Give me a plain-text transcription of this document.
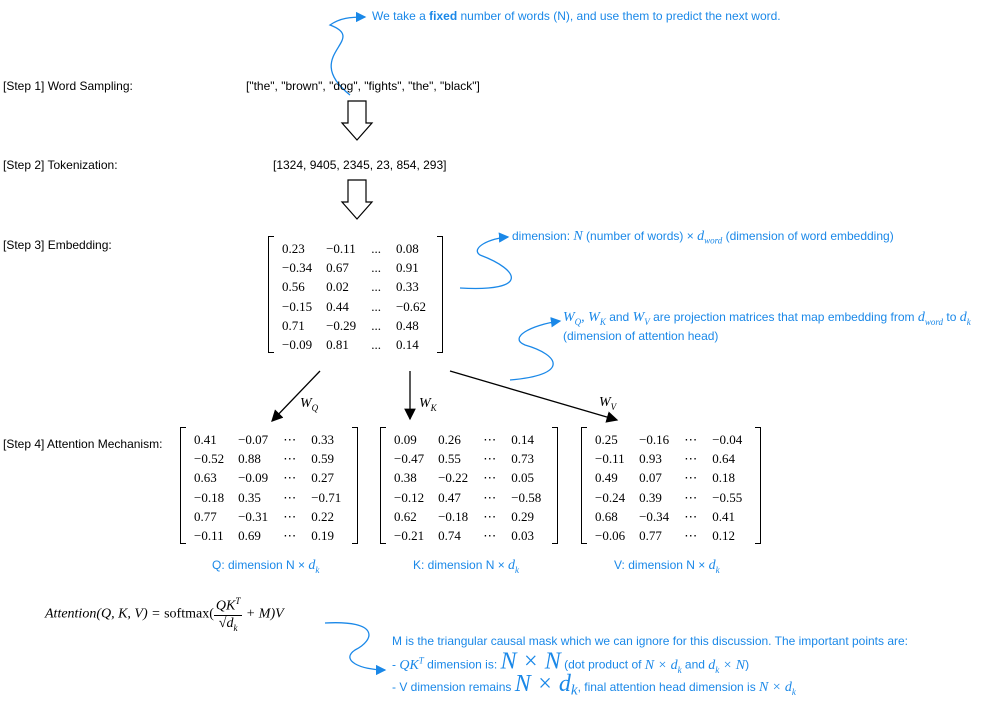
We take a fixed number of words (N), and use them to predict the next word.
[Step 1] Word Sampling:	["the", "brown", "dog", "fights", "the", "black"]
[Step 2] Tokenization:	[1324, 9405, 2345, 23, 854, 293]
[Step 3] Embedding:
[Step 4] Attention Mechanism:
0.23	−0.11	...	0.08
−0.34	0.67	...	0.91
0.56	0.02	...	0.33
−0.15	0.44	...	−0.62
0.71	−0.29	...	0.48
−0.09	0.81	...	0.14
dimension: N (number of words) × $d_{word}$ (dimension of word embedding)
$W_Q$, $W_K$ and $W_V$ are projection matrices that map embedding from $d_{word}$ to $d_k$
(dimension of attention head)
$W_Q$	$W_K$	$W_V$
0.41	−0.07	⋯	0.33
−0.52	0.88	⋯	0.59
0.63	−0.09	⋯	0.27
−0.18	0.35	⋯	−0.71
0.77	−0.31	⋯	0.22
−0.11	0.69	⋯	0.19
0.09	0.26	⋯	0.14
−0.47	0.55	⋯	0.73
0.38	−0.22	⋯	0.05
−0.12	0.47	⋯	−0.58
0.62	−0.18	⋯	0.29
−0.21	0.74	⋯	0.03
0.25	−0.16	⋯	−0.04
−0.11	0.93	⋯	0.64
0.49	0.07	⋯	0.18
−0.24	0.39	⋯	−0.55
0.68	−0.34	⋯	0.41
−0.06	0.77	⋯	0.12
Q: dimension $N \times d_k$	K: dimension $N \times d_k$	V: dimension $N \times d_k$
Attention(Q, K, V) = softmax( $\frac{QK^T}{√d_k} + M)V$
M is the triangular causal mask which we can ignore for this discussion. The important points are:
- $QK^T$ dimension is: N × N (dot product of $N \times d_k$ and $d_k \times N$)
- V dimension remains $N \times d_k$, final attention head dimension is $N \times d_k$
